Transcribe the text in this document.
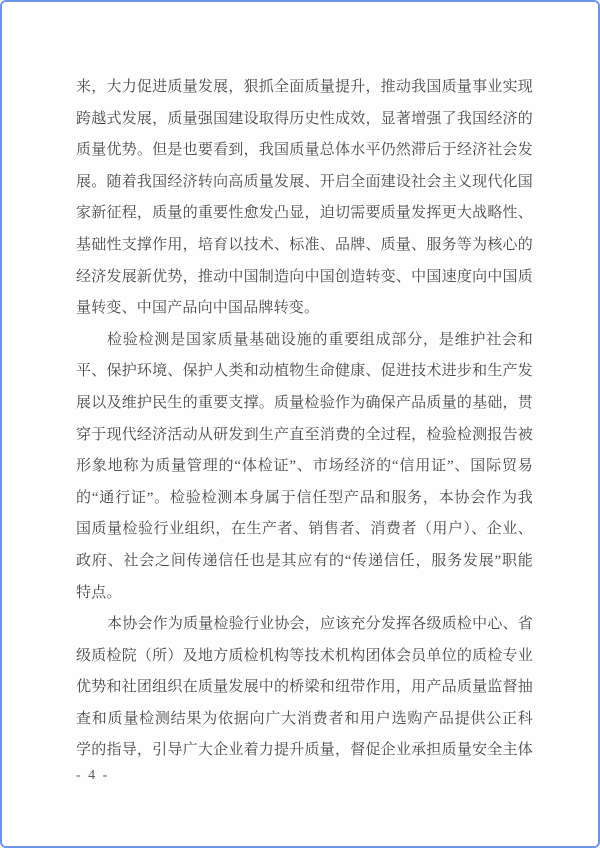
来，大力促进质量发展，狠抓全面质量提升，推动我国质量事业实现
跨越式发展，质量强国建设取得历史性成效，显著增强了我国经济的
质量优势。但是也要看到，我国质量总体水平仍然滞后于经济社会发
展。随着我国经济转向高质量发展、开启全面建设社会主义现代化国
家新征程，质量的重要性愈发凸显，迫切需要质量发挥更大战略性、
基础性支撑作用，培育以技术、标准、品牌、质量、服务等为核心的
经济发展新优势，推动中国制造向中国创造转变、中国速度向中国质
量转变、中国产品向中国品牌转变。
检验检测是国家质量基础设施的重要组成部分，是维护社会和
平、保护环境、保护人类和动植物生命健康、促进技术进步和生产发
展以及维护民生的重要支撑。质量检验作为确保产品质量的基础，贯
穿于现代经济活动从研发到生产直至消费的全过程，检验检测报告被
形象地称为质量管理的“体检证”、市场经济的“信用证”、国际贸易
的“通行证”。检验检测本身属于信任型产品和服务，本协会作为我
国质量检验行业组织，在生产者、销售者、消费者（用户）、企业、
政府、社会之间传递信任也是其应有的“传递信任，服务发展”职能
特点。
本协会作为质量检验行业协会，应该充分发挥各级质检中心、省
级质检院（所）及地方质检机构等技术机构团体会员单位的质检专业
优势和社团组织在质量发展中的桥梁和纽带作用，用产品质量监督抽
查和质量检测结果为依据向广大消费者和用户选购产品提供公正科
学的指导，引导广大企业着力提升质量，督促企业承担质量安全主体
- 4 -
